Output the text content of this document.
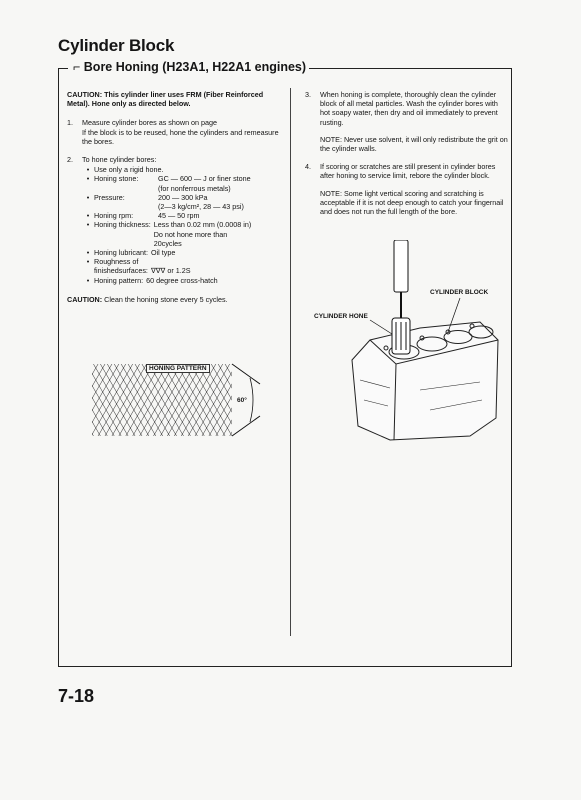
Cylinder Block
⌐ Bore Honing (H23A1, H22A1 engines)

CAUTION: This cylinder liner uses FRM (Fiber Reinforced Metal). Hone only as directed below.

1.	Measure cylinder bores as shown on page
If the block is to be reused, hone the cylinders and remeasure the bores.
2.	To hone cylinder bores:
• Use only a rigid hone.
• Honing stone:	GC — 600 — J or finer stone
(for nonferrous metals)
• Pressure:	200 — 300 kPa
(2—3 kg/cm², 28 — 43 psi)
• Honing rpm:	45 — 50 rpm
• Honing thickness: Less than 0.02 mm (0.0008 in)
Do not hone more than
20cycles
• Honing lubricant: Oil type
• Roughness of
finishedsurfaces: ∇∇∇ or 1.2S
• Honing pattern: 60 degree cross-hatch
CAUTION: Clean the honing stone every 5 cycles.
HONING PATTERN
60°
3.	When honing is complete, thoroughly clean the cylinder block of all metal particles. Wash the cylinder bores with hot soapy water, then dry and oil immediately to prevent rusting.
NOTE: Never use solvent, it will only redistribute the grit on the cylinder walls.
4.	If scoring or scratches are still present in cylinder bores after honing to service limit, rebore the cylinder block.
NOTE: Some light vertical scoring and scratching is acceptable if it is not deep enough to catch your fingernail and does not run the full length of the bore.
CYLINDER BLOCK
CYLINDER HONE
7-18
